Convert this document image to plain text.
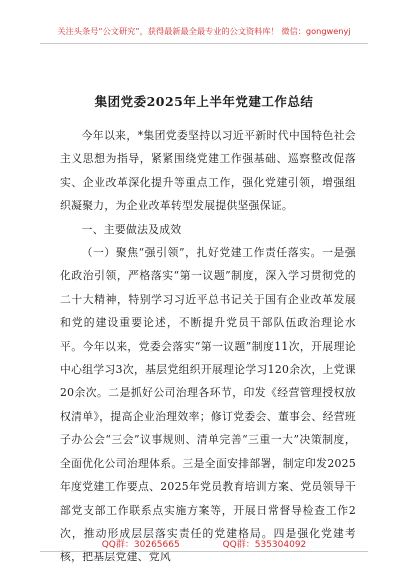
关注头条号“公文研究”，获得最新最全最专业的公文资料库！ 微信：gongwenyj
集团党委2025年上半年党建工作总结

今年以来，*集团党委坚持以习近平新时代中国特色社会主义思想为指导，紧紧围绕党建工作强基础、巡察整改促落实、企业改革深化提升等重点工作，强化党建引领，增强组织凝聚力，为企业改革转型发展提供坚强保证。

一、主要做法及成效

（一）聚焦“强引领”，扎好党建工作责任落实。一是强化政治引领，严格落实“第一议题”制度，深入学习贯彻党的二十大精神，特别学习习近平总书记关于国有企业改革发展和党的建设重要论述，不断提升党员干部队伍政治理论水平。今年以来，党委会落实“第一议题”制度11次，开展理论中心组学习3次，基层党组织开展理论学习120余次，上党课20余次。二是抓好公司治理各环节，印发《经营管理授权放权清单》，提高企业治理效率；修订党委会、董事会、经营班子办公会“三会”议事规则、清单完善“三重一大”决策制度，全面优化公司治理体系。三是全面安排部署，制定印发2025年度党建工作要点、2025年党员教育培训方案、党员领导干部党支部工作联系点实施方案等，开展日常督导检查工作2次，推动形成层层落实责任的党建格局。四是强化党建考核，把基层党建、党风

QQ群：30265665	QQ群：535304092
